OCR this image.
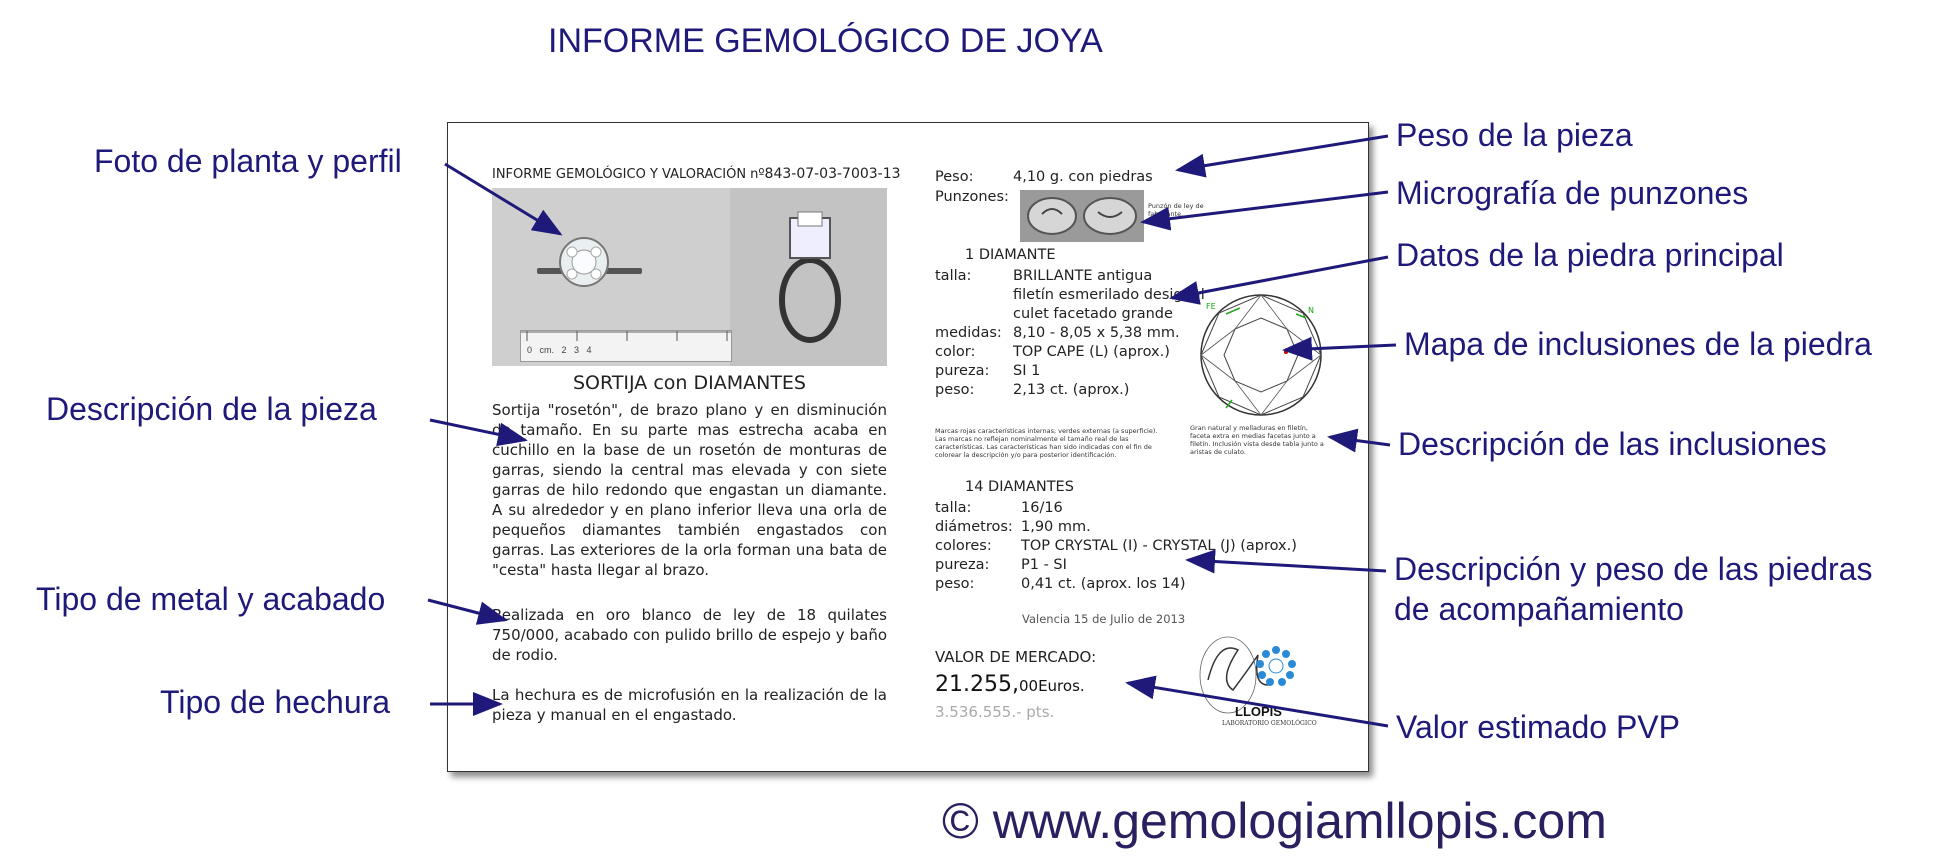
INFORME GEMOLÓGICO DE JOYA
Foto de planta y perfil
Descripción de la pieza
Tipo de metal y acabado
Tipo de hechura
Peso de la pieza
Micrografía de punzones
Datos de la piedra principal
Mapa de inclusiones de la piedra
Descripción de las inclusiones
Descripción y peso de las piedras
de acompañamiento
Valor estimado PVP
INFORME GEMOLÓGICO Y VALORACIÓN nº843-07-03-7003-13
0   cm.   2   3   4
SORTIJA con DIAMANTES
Sortija "rosetón", de brazo plano y en disminución de tamaño. En su parte mas estrecha acaba en cuchillo en la base de un rosetón de monturas de garras, siendo la central mas elevada y con siete garras de hilo redondo que engastan un diamante. A su alrededor y en plano inferior lleva una orla de pequeños diamantes también engastados con garras. Las exteriores de la orla forman una bata de "cesta" hasta llegar al brazo.
Realizada en oro blanco de ley de 18 quilates 750/000, acabado con pulido brillo de espejo y baño de rodio.
La hechura es de microfusión en la realización de la pieza y manual en el engastado.
Peso:	4,10 g. con piedras
Punzones:
Punzón de ley de fabricante.
1 DIAMANTE
talla:	BRILLANTE antigua
filetín esmerilado desigual
culet facetado grande
medidas: 8,10 - 8,05 x 5,38 mm.
color:	TOP CAPE (L) (aprox.)
pureza: SI 1
peso:	2,13 ct. (aprox.)
FE	N
Marcas rojas características internas, verdes externas (a superficie). Las marcas no reflejan nominalmente el tamaño real de las características. Las características han sido indicadas con el fin de colorear la descripción y/o para posterior identificación.
Gran natural y melladuras en filetín, faceta extra en medias facetas junto a filetín. Inclusión vista desde tabla junto a aristas de culato.
14 DIAMANTES
talla:	16/16
diámetros: 1,90 mm.
colores: TOP CRYSTAL (I) - CRYSTAL (J) (aprox.)
pureza: P1 - SI
peso:	0,41 ct. (aprox. los 14)
Valencia 15 de Julio de 2013
VALOR DE MERCADO:
21.255,00Euros.
3.536.555.- pts.	LLOPIS
LABORATORIO GEMOLÓGICO
© www.gemologiamllopis.com
